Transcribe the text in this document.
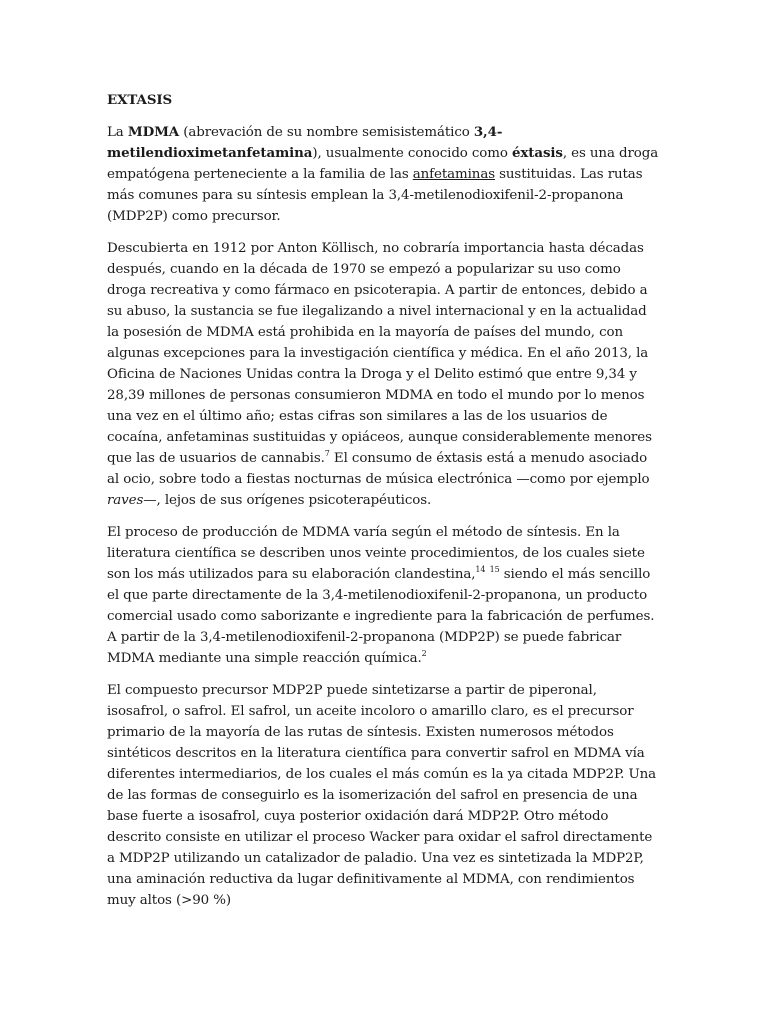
EXTASIS

La MDMA (abrevación de su nombre semisistemático 3,4-metilendioximetanfetamina), usualmente conocido como éxtasis, es una droga empatógena perteneciente a la familia de las anfetaminas sustituidas. Las rutas más comunes para su síntesis emplean la 3,4-metilenodioxifenil-2-propanona (MDP2P) como precursor.

Descubierta en 1912 por Anton Köllisch, no cobraría importancia hasta décadas después, cuando en la década de 1970 se empezó a popularizar su uso como droga recreativa y como fármaco en psicoterapia. A partir de entonces, debido a su abuso, la sustancia se fue ilegalizando a nivel internacional y en la actualidad la posesión de MDMA está prohibida en la mayoría de países del mundo, con algunas excepciones para la investigación científica y médica. En el año 2013, la Oficina de Naciones Unidas contra la Droga y el Delito estimó que entre 9,34 y 28,39 millones de personas consumieron MDMA en todo el mundo por lo menos una vez en el último año; estas cifras son similares a las de los usuarios de cocaína, anfetaminas sustituidas y opiáceos, aunque considerablemente menores que las de usuarios de cannabis.$^7$ El consumo de éxtasis está a menudo asociado al ocio, sobre todo a fiestas nocturnas de música electrónica —como por ejemplo raves—, lejos de sus orígenes psicoterapéuticos.

El proceso de producción de MDMA varía según el método de síntesis. En la literatura científica se describen unos veinte procedimientos, de los cuales siete son los más utilizados para su elaboración clandestina,$^{14}$ $^{15}$ siendo el más sencillo el que parte directamente de la 3,4-metilenodioxifenil-2-propanona, un producto comercial usado como saborizante e ingrediente para la fabricación de perfumes. A partir de la 3,4-metilenodioxifenil-2-propanona (MDP2P) se puede fabricar MDMA mediante una simple reacción química.$^2$

El compuesto precursor MDP2P puede sintetizarse a partir de piperonal, isosafrol, o safrol. El safrol, un aceite incoloro o amarillo claro, es el precursor primario de la mayoría de las rutas de síntesis. Existen numerosos métodos sintéticos descritos en la literatura científica para convertir safrol en MDMA vía diferentes intermediarios, de los cuales el más común es la ya citada MDP2P. Una de las formas de conseguirlo es la isomerización del safrol en presencia de una base fuerte a isosafrol, cuya posterior oxidación dará MDP2P. Otro método descrito consiste en utilizar el proceso Wacker para oxidar el safrol directamente a MDP2P utilizando un catalizador de paladio. Una vez es sintetizada la MDP2P, una aminación reductiva da lugar definitivamente al MDMA, con rendimientos muy altos (>90 %)
